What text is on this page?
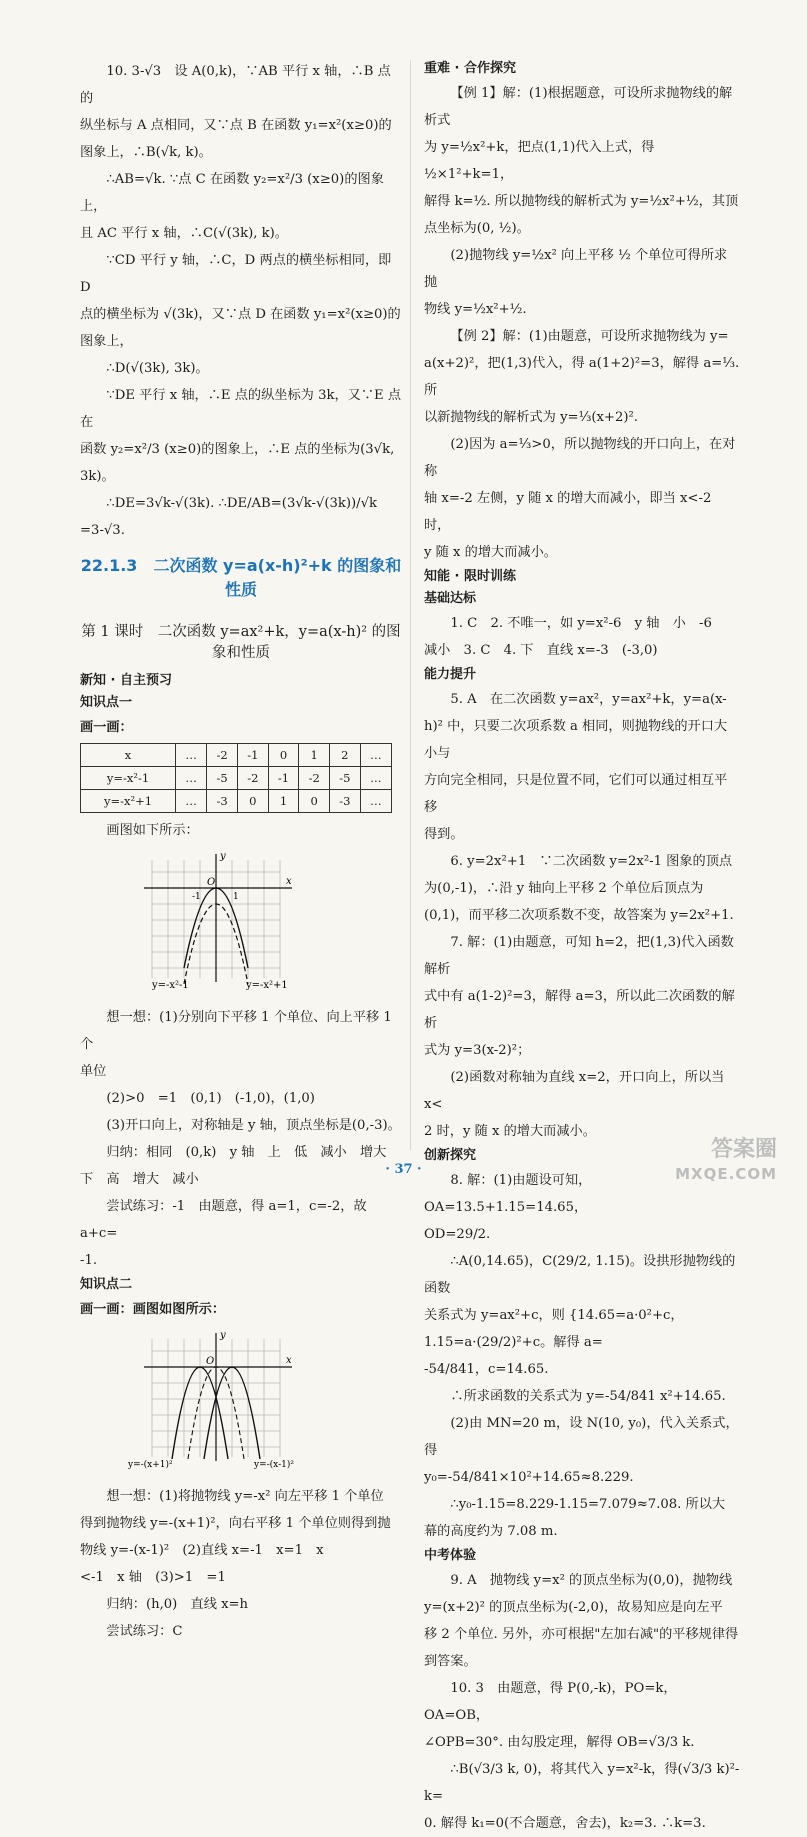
10. 3-√3　设 A(0,k)，∵AB 平行 x 轴，∴B 点的

纵坐标与 A 点相同，又∵点 B 在函数 y₁=x²(x≥0)的

图象上，∴B(√k, k)。

∴AB=√k. ∵点 C 在函数 y₂=x²/3 (x≥0)的图象上，

且 AC 平行 x 轴，∴C(√(3k), k)。

∵CD 平行 y 轴，∴C，D 两点的横坐标相同，即 D

点的横坐标为 √(3k)，又∵点 D 在函数 y₁=x²(x≥0)的

图象上，

∴D(√(3k), 3k)。

∵DE 平行 x 轴，∴E 点的纵坐标为 3k，又∵E 点在

函数 y₂=x²/3 (x≥0)的图象上，∴E 点的坐标为(3√k,

3k)。

∴DE=3√k-√(3k). ∴DE/AB=(3√k-√(3k))/√k =3-√3.

22.1.3　二次函数 y=a(x-h)²+k 的图象和性质
第 1 课时　二次函数 y=ax²+k，y=a(x-h)² 的图象和性质
新知 · 自主预习
知识点一
画一画：
x	…	-2	-1	0	1	2	…
y=-x²-1	…	-5	-2	-1	-2	-5	…
y=-x²+1	…	-3	0	1	0	-3	…

画图如下所示：

y
x
O
-1	1
y=-x²-1	y=-x²+1

想一想：(1)分别向下平移 1 个单位、向上平移 1 个

单位

(2)>0　=1　(0,1)　(-1,0)，(1,0)

(3)开口向上，对称轴是 y 轴，顶点坐标是(0,-3)。

归纳：相同　(0,k)　y 轴　上　低　减小　增大

下　高　增大　减小

尝试练习：-1　由题意，得 a=1，c=-2，故 a+c=

-1.

知识点二
画一画：画图如图所示：
y
x
O
y=-(x+1)²	y=-(x-1)²

想一想：(1)将抛物线 y=-x² 向左平移 1 个单位

得到抛物线 y=-(x+1)²，向右平移 1 个单位则得到抛

物线 y=-(x-1)²　(2)直线 x=-1　x=1　x

<-1　x 轴　(3)>1　=1

归纳：(h,0)　直线 x=h

尝试练习：C

重难 · 合作探究

【例 1】解：(1)根据题意，可设所求抛物线的解析式

为 y=½x²+k，把点(1,1)代入上式，得 ½×1²+k=1，

解得 k=½. 所以抛物线的解析式为 y=½x²+½，其顶

点坐标为(0, ½)。

(2)抛物线 y=½x² 向上平移 ½ 个单位可得所求抛

物线 y=½x²+½.

【例 2】解：(1)由题意，可设所求抛物线为 y=

a(x+2)²，把(1,3)代入，得 a(1+2)²=3，解得 a=⅓. 所

以新抛物线的解析式为 y=⅓(x+2)².

(2)因为 a=⅓>0，所以抛物线的开口向上，在对称

轴 x=-2 左侧，y 随 x 的增大而减小，即当 x<-2 时，

y 随 x 的增大而减小。

知能 · 限时训练
基础达标

1. C　2. 不唯一，如 y=x²-6　y 轴　小　-6

减小　3. C　4. 下　直线 x=-3　(-3,0)

能力提升

5. A　在二次函数 y=ax²，y=ax²+k，y=a(x-

h)² 中，只要二次项系数 a 相同，则抛物线的开口大小与

方向完全相同，只是位置不同，它们可以通过相互平移

得到。

6. y=2x²+1　∵二次函数 y=2x²-1 图象的顶点

为(0,-1)，∴沿 y 轴向上平移 2 个单位后顶点为

(0,1)，而平移二次项系数不变，故答案为 y=2x²+1.

7. 解：(1)由题意，可知 h=2，把(1,3)代入函数解析

式中有 a(1-2)²=3，解得 a=3，所以此二次函数的解析

式为 y=3(x-2)²；

(2)函数对称轴为直线 x=2，开口向上，所以当 x<

2 时，y 随 x 的增大而减小。

创新探究

8. 解：(1)由题设可知，OA=13.5+1.15=14.65，

OD=29/2.

∴A(0,14.65)，C(29/2, 1.15)。设拱形抛物线的函数

关系式为 y=ax²+c，则 {14.65=a·0²+c，1.15=a·(29/2)²+c。解得 a=

-54/841，c=14.65.

∴所求函数的关系式为 y=-54/841 x²+14.65.

(2)由 MN=20 m，设 N(10, y₀)，代入关系式，得

y₀=-54/841×10²+14.65≈8.229.

∴y₀-1.15=8.229-1.15=7.079≈7.08. 所以大

幕的高度约为 7.08 m.

中考体验

9. A　抛物线 y=x² 的顶点坐标为(0,0)，抛物线

y=(x+2)² 的顶点坐标为(-2,0)，故易知应是向左平

移 2 个单位. 另外，亦可根据"左加右减"的平移规律得

到答案。

10. 3　由题意，得 P(0,-k)，PO=k，OA=OB，

∠OPB=30°. 由勾股定理，解得 OB=√3/3 k.

∴B(√3/3 k, 0)，将其代入 y=x²-k，得(√3/3 k)²-k=

0. 解得 k₁=0(不合题意，舍去)，k₂=3. ∴k=3.

· 37 ·
答案圈
MXQE.COM
